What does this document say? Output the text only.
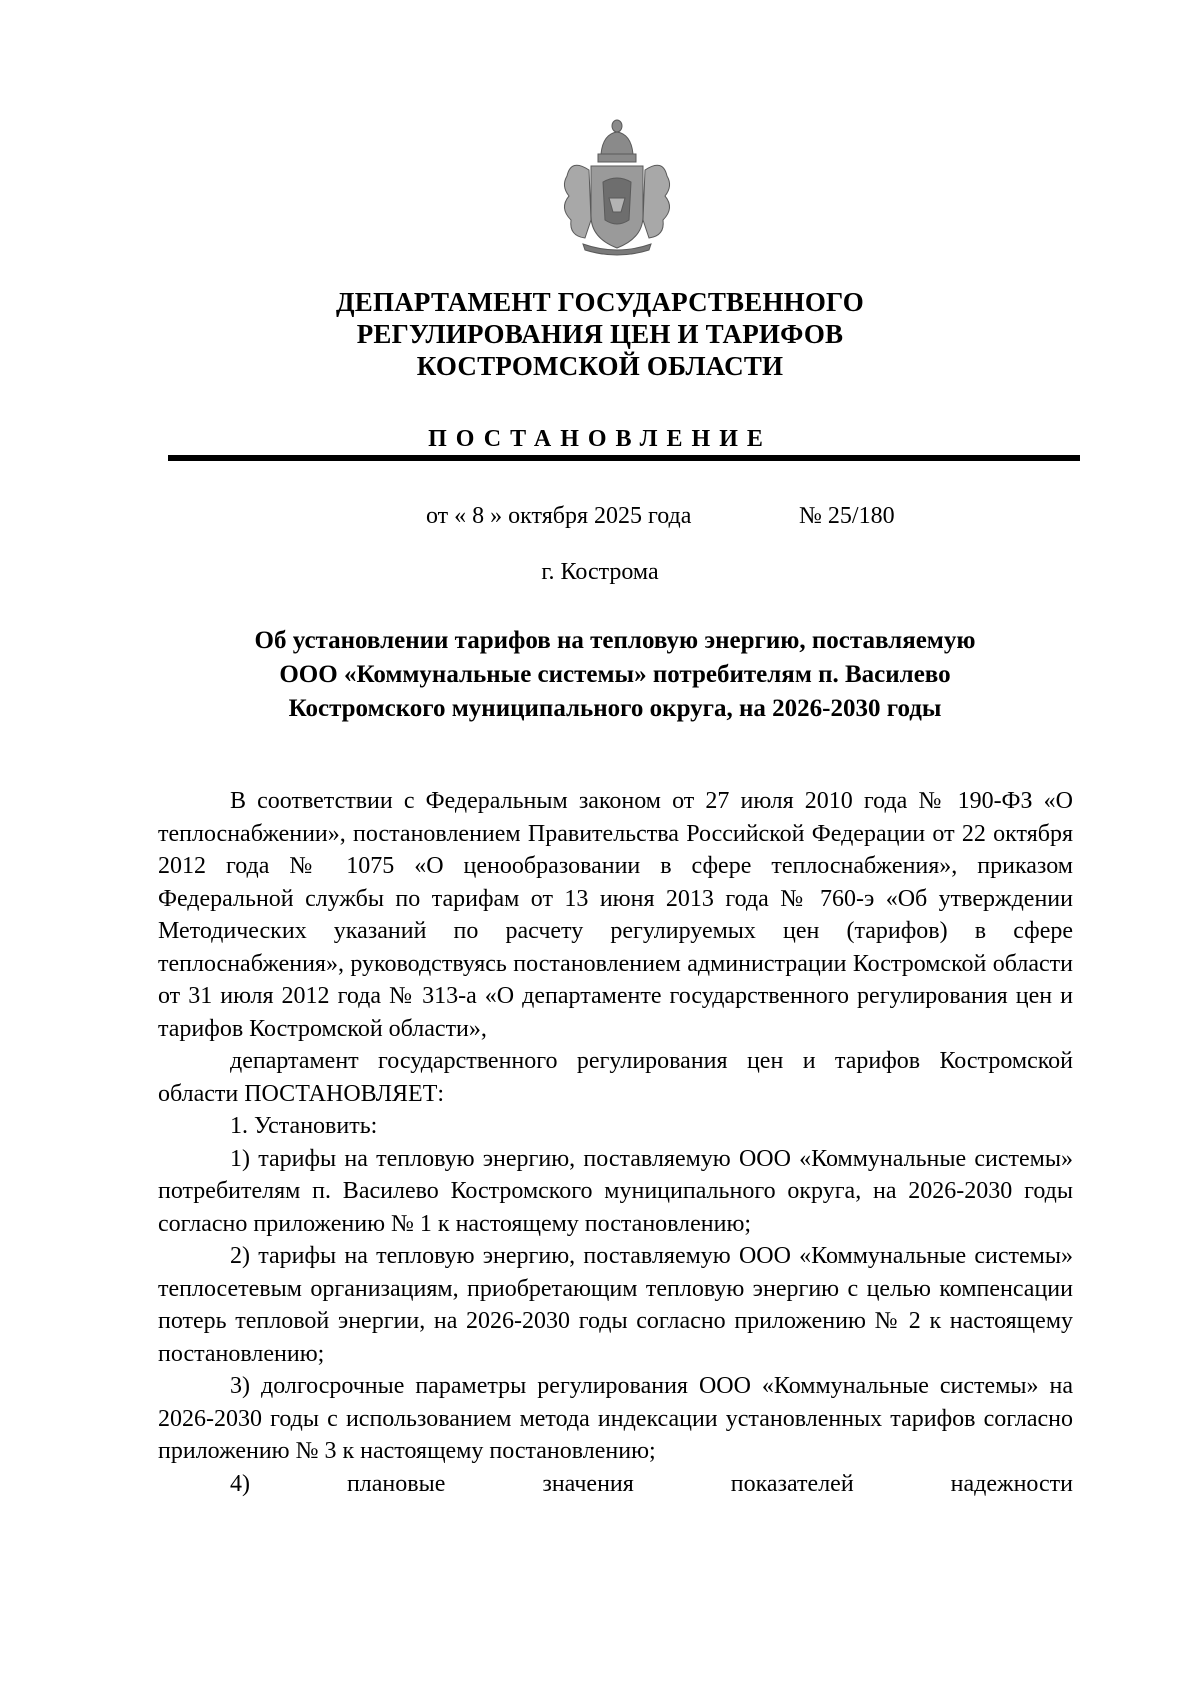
ДЕПАРТАМЕНТ ГОСУДАРСТВЕННОГО
РЕГУЛИРОВАНИЯ ЦЕН И ТАРИФОВ
КОСТРОМСКОЙ ОБЛАСТИ
ПОСТАНОВЛЕНИЕ
от « 8 » октября 2025 года	№ 25/180
г. Кострома
Об установлении тарифов на тепловую энергию, поставляемую
ООО «Коммунальные системы» потребителям п. Василево
Костромского муниципального округа, на 2026-2030 годы

В соответствии с Федеральным законом от 27 июля 2010 года № 190-ФЗ «О теплоснабжении», постановлением Правительства Российской Федерации от 22 октября 2012 года № 1075 «О ценообразовании в сфере теплоснабжения», приказом Федеральной службы по тарифам от 13 июня 2013 года № 760-э «Об утверждении Методических указаний по расчету регулируемых цен (тарифов) в сфере теплоснабжения», руководствуясь постановлением администрации Костромской области от 31 июля 2012 года № 313-а «О департаменте государственного регулирования цен и тарифов Костромской области»,

департамент государственного регулирования цен и тарифов Костромской области ПОСТАНОВЛЯЕТ:

1. Установить:

1) тарифы на тепловую энергию, поставляемую ООО «Коммунальные системы» потребителям п. Василево Костромского муниципального округа, на 2026-2030 годы согласно приложению № 1 к настоящему постановлению;

2) тарифы на тепловую энергию, поставляемую ООО «Коммунальные системы» теплосетевым организациям, приобретающим тепловую энергию с целью компенсации потерь тепловой энергии, на 2026-2030 годы согласно приложению № 2 к настоящему постановлению;

3) долгосрочные параметры регулирования ООО «Коммунальные системы» на 2026-2030 годы с использованием метода индексации установленных тарифов согласно приложению № 3 к настоящему постановлению;

4) плановые значения показателей надежности
